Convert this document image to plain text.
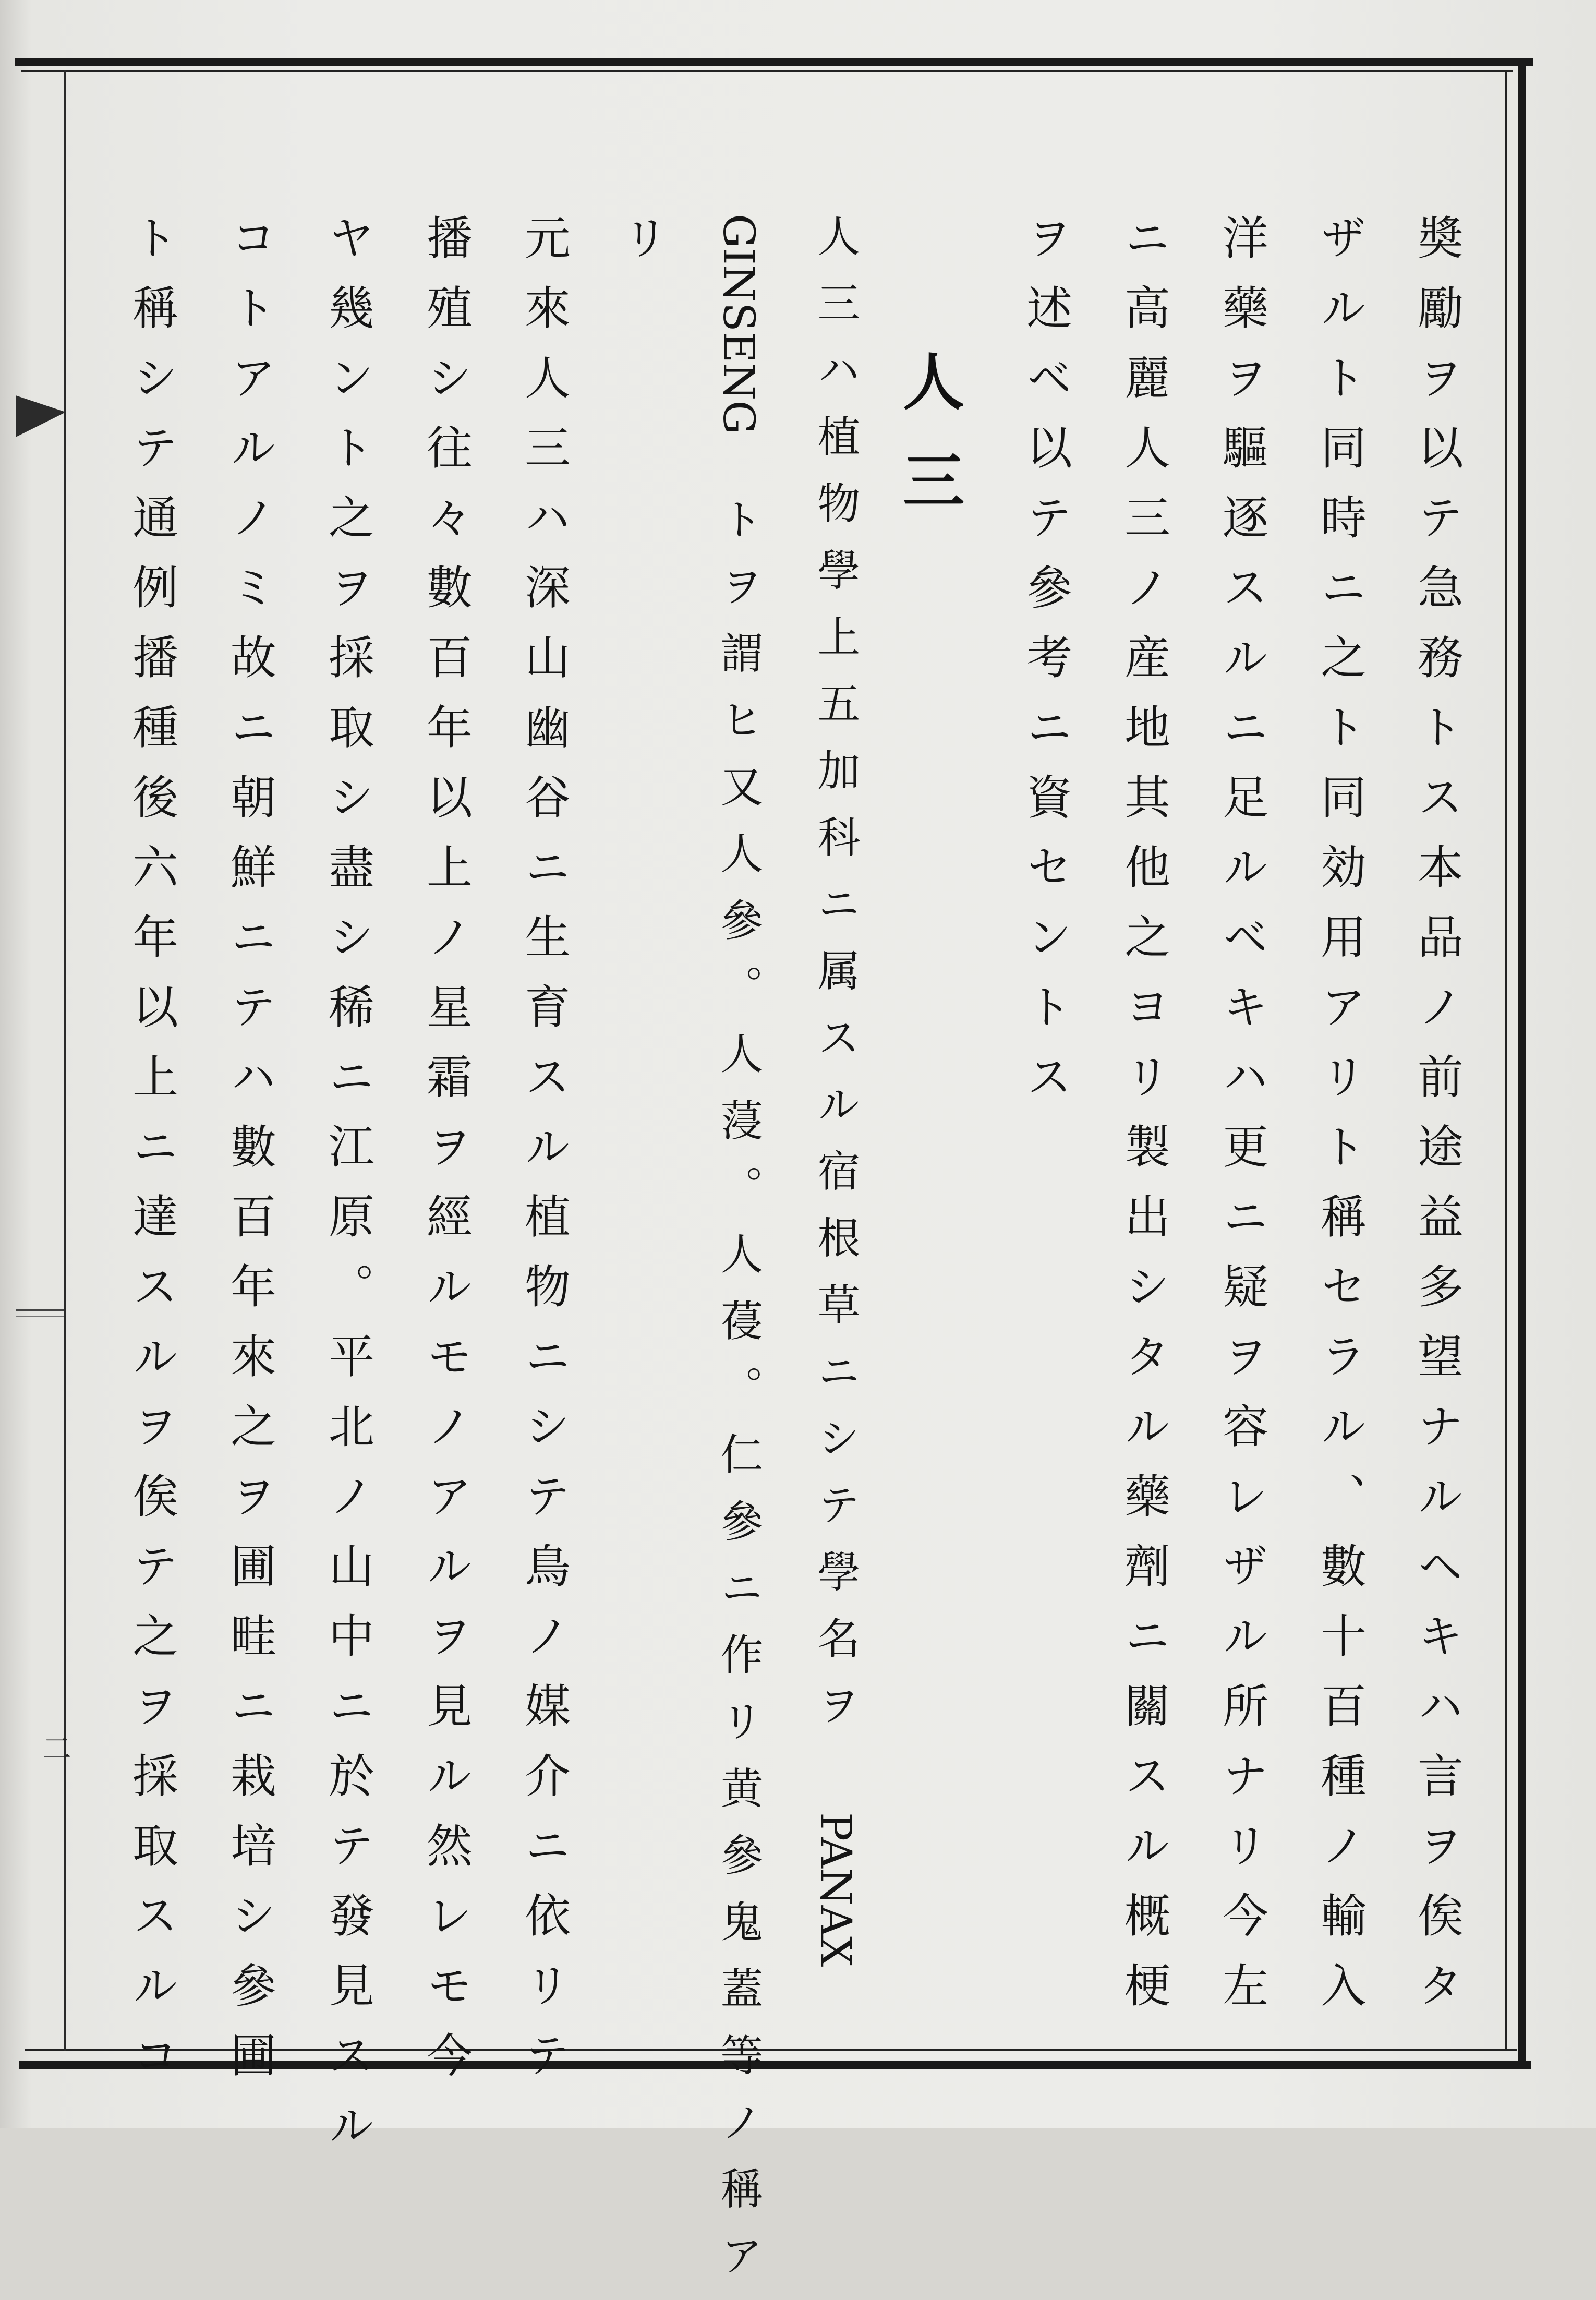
二	奬勵ヲ以テ急務トス本品ノ前途益多望ナルヘキハ言ヲ俟タ
ザルト同時ニ之ト同効用アリト稱セラル、數十百種ノ輸入
洋藥ヲ驅逐スルニ足ルベキハ更ニ疑ヲ容レザル所ナリ今左
ニ高麗人三ノ産地其他之ヨリ製出シタル藥劑ニ關スル概梗
ヲ述ベ以テ參考ニ資セントス
人三
人三ハ植物學上五加科ニ属スル宿根草ニシテ學名ヲPANAX
GINSENGトヲ謂ヒ又人參。人蓡。人葠。仁參ニ作リ黄參鬼蓋等ノ稱ア
リ
元來人三ハ深山幽谷ニ生育スル植物ニシテ鳥ノ媒介ニ依リテ
播殖シ往々數百年以上ノ星霜ヲ經ルモノアルヲ見ル然レモ今
ヤ幾ント之ヲ採取シ盡シ稀ニ江原。平北ノ山中ニ於テ發見スル
コトアルノミ故ニ朝鮮ニテハ數百年來之ヲ圃畦ニ栽培シ參圃
ト稱シテ通例播種後六年以上ニ達スルヲ俟テ之ヲ採取スルコ
